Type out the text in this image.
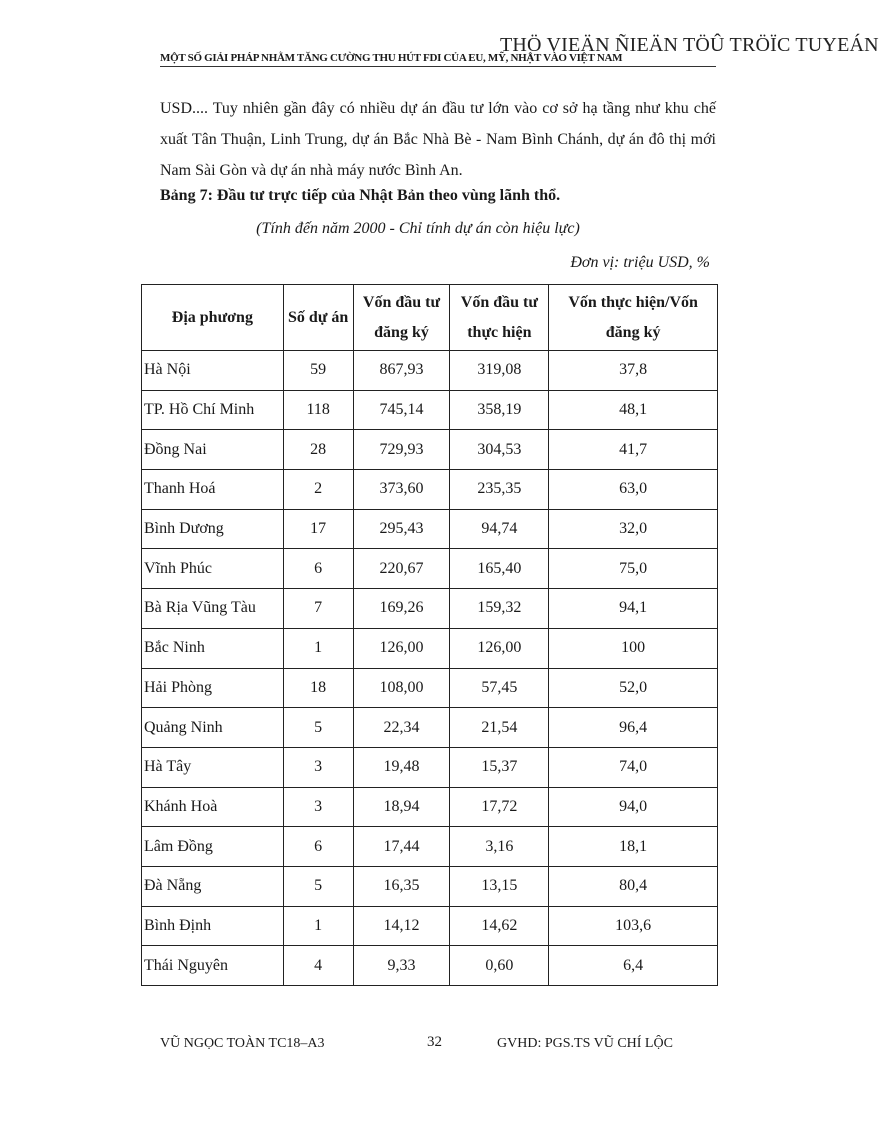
THÖ VIEÄN ÑIEÄN TÖÛ TRÖÏC TUYEÁN
MỘT SỐ GIẢI PHÁP NHẰM TĂNG CƯỜNG THU HÚT FDI CỦA EU, MỸ, NHẬT VÀO VIỆT NAM

USD.... Tuy nhiên gần đây có nhiều dự án đầu tư lớn vào cơ sở hạ tầng như khu chế xuất Tân Thuận, Linh Trung, dự án Bắc Nhà Bè - Nam Bình Chánh, dự án đô thị mới Nam Sài Gòn và dự án nhà máy nước Bình An.

Bảng 7: Đầu tư trực tiếp của Nhật Bản theo vùng lãnh thổ.
(Tính đến năm 2000 - Chỉ tính dự án còn hiệu lực)
Đơn vị: triệu USD, %
Địa phương	Số dự án	Vốn đầu tư đăng ký	Vốn đầu tư thực hiện	Vốn thực hiện/Vốn đăng ký
Hà Nội	59	867,93	319,08	37,8
TP. Hồ Chí Minh	118	745,14	358,19	48,1
Đồng Nai	28	729,93	304,53	41,7
Thanh Hoá	2	373,60	235,35	63,0
Bình Dương	17	295,43	94,74	32,0
Vĩnh Phúc	6	220,67	165,40	75,0
Bà Rịa Vũng Tàu	7	169,26	159,32	94,1
Bắc Ninh	1	126,00	126,00	100
Hải Phòng	18	108,00	57,45	52,0
Quảng Ninh	5	22,34	21,54	96,4
Hà Tây	3	19,48	15,37	74,0
Khánh Hoà	3	18,94	17,72	94,0
Lâm Đồng	6	17,44	3,16	18,1
Đà Nẵng	5	16,35	13,15	80,4
Bình Định	1	14,12	14,62	103,6
Thái Nguyên	4	9,33	0,60	6,4
VŨ NGỌC TOÀN TC18–A3	32	GVHD: PGS.TS VŨ CHÍ LỘC
